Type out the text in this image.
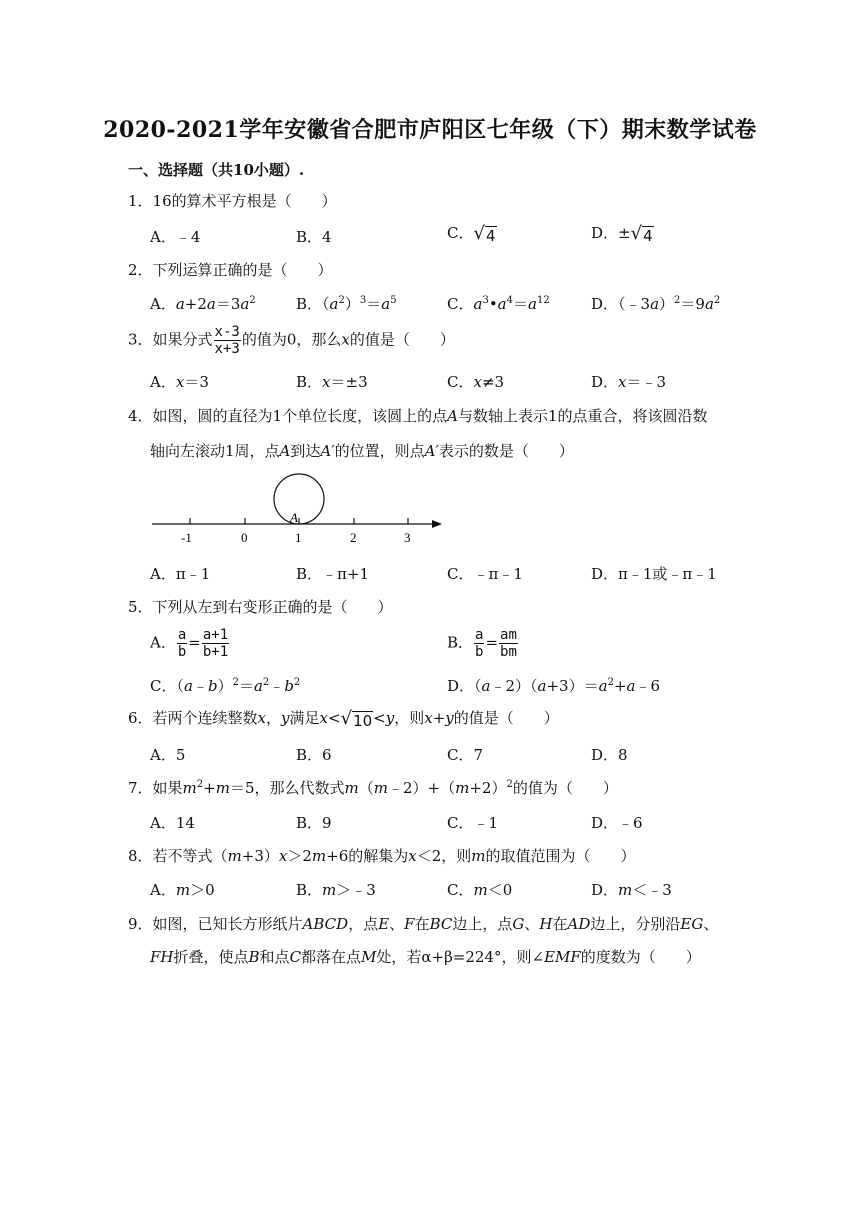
2020-2021学年安徽省合肥市庐阳区七年级（下）期末数学试卷
一、选择题（共10小题）.
1．16的算术平方根是（　　）
A．﹣4	B．4	C． √ 4	D．± √ 4
2．下列运算正确的是（　　）
A．$a+2a=3a^2$	B．$(a^2)^3=a^5$	C．$a^3•a^4=a^{12}$	D．$(﹣3a)^2=9a^2$
3．如果分式 $\frac{x-3}{x+3}$ 的值为0，那么x的值是（　　）
A．x＝3	B．x＝±3	C．x≠3	D．x＝﹣3
4．如图，圆的直径为1个单位长度，该圆上的点A与数轴上表示1的点重合，将该圆沿数
轴向左滚动1周，点A到达A′的位置，则点A′表示的数是（　　）
A
-1	0	1	2	3
A．π﹣1	B．﹣π+1	C．﹣π﹣1	D．π﹣1或﹣π﹣1
5．下列从左到右变形正确的是（　　）
A． $\frac{a}{b} = \frac{a+1}{b+1}$	B． $\frac{a}{b} = \frac{am}{bm}$
C．$(a﹣b)^2=a^2﹣b^2$	D．$(a﹣2)(a+3)=a^2+a﹣6$
6．若两个连续整数x，y满足x< √ 10 <y，则x+y的值是（　　）
A．5	B．6	C．7	D．8
7．如果$m^2+m=5$，那么代数式$m(m﹣2)+(m+2)^2$的值为（　　）
A．14	B．9	C．﹣1	D．﹣6
8．若不等式（m+3）x＞2m+6的解集为x＜2，则m的取值范围为（　　）
A．m＞0	B．m＞﹣3	C．m＜0	D．m＜﹣3
9．如图，已知长方形纸片ABCD，点E、F在BC边上，点G、H在AD边上，分别沿EG、
FH折叠，使点B和点C都落在点M处，若α+β=224°，则∠EMF的度数为（　　）
